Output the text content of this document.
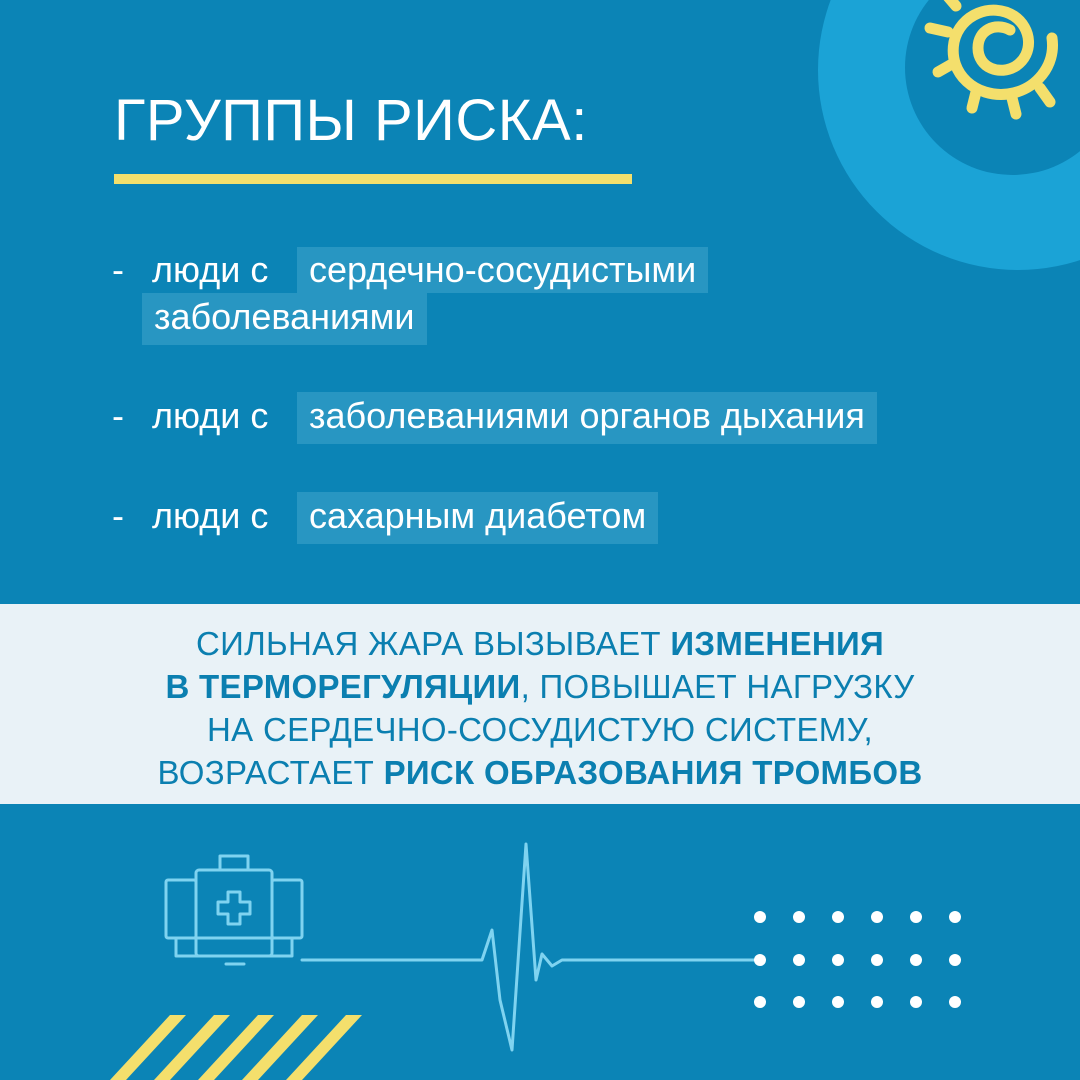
ГРУППЫ РИСКА:
- люди с	сердечно-сосудистыми
заболеваниями
- люди с	заболеваниями органов дыхания
- люди с	сахарным диабетом

СИЛЬНАЯ ЖАРА ВЫЗЫВАЕТ ИЗМЕНЕНИЯ
В ТЕРМОРЕГУЛЯЦИИ, ПОВЫШАЕТ НАГРУЗКУ
НА СЕРДЕЧНО-СОСУДИСТУЮ СИСТЕМУ,
ВОЗРАСТАЕТ РИСК ОБРАЗОВАНИЯ ТРОМБОВ
